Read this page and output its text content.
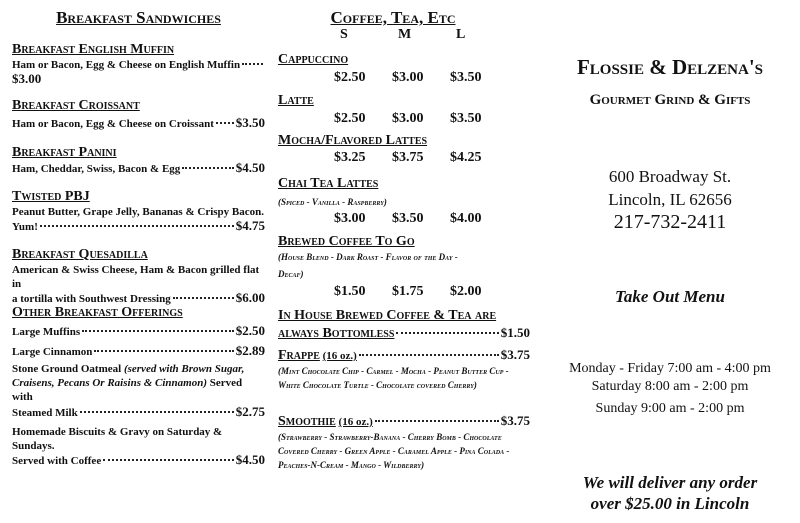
Breakfast Sandwiches
Breakfast English Muffin
Ham or Bacon, Egg & Cheese on English Muffin
$3.00
Breakfast Croissant
Ham or Bacon, Egg & Cheese on Croissant $3.50
Breakfast Panini
Ham, Cheddar, Swiss, Bacon & Egg	$4.50
Twisted PBJ
Peanut Butter, Grape Jelly, Bananas & Crispy Bacon.
Yum!	$4.75
Breakfast Quesadilla
American & Swiss Cheese, Ham & Bacon grilled flat in
a tortilla with Southwest Dressing	$6.00
Other Breakfast Offerings
Large Muffins	$2.50
Large Cinnamon	$2.89
Stone Ground Oatmeal (served with Brown Sugar, Craisens, Pecans Or Raisins & Cinnamon) Served with
Steamed Milk	$2.75
Homemade Biscuits & Gravy on Saturday & Sundays.
Served with Coffee	$4.50
Coffee, Tea, Etc
S	M	L
Cappuccino
$2.50	$3.00	$3.50
Latte
$2.50	$3.00	$3.50
Mocha/Flavored Lattes
$3.25	$3.75	$4.25
Chai Tea Lattes
(Spiced - Vanilla - Raspberry)
$3.00	$3.50	$4.00
Brewed Coffee To Go
(House Blend - Dark Roast - Flavor of the Day -
Decaf)
$1.50	$1.75	$2.00
In House Brewed Coffee & Tea are
always Bottomless	$1.50
Frappe
(16 oz.)	$3.75
(Mint Chocolate Chip - Carmel - Mocha - Peanut Butter Cup - White Chocolate Turtle - Chocolate covered Cherry)
Smoothie
(16 oz.)	$3.75
(Strawberry - Strawberry-Banana - Cherry Bomb - Chocolate Covered Cherry - Green Apple - Caramel Apple - Pina Colada - Peaches-N-Cream - Mango - Wildberry)
Flossie & Delzena's
Gourmet Grind & Gifts
600 Broadway St.
Lincoln, IL 62656
217-732-2411
Take Out Menu
Monday - Friday 7:00 am - 4:00 pm
Saturday 8:00 am - 2:00 pm
Sunday 9:00 am - 2:00 pm
We will deliver any order
over $25.00 in Lincoln
